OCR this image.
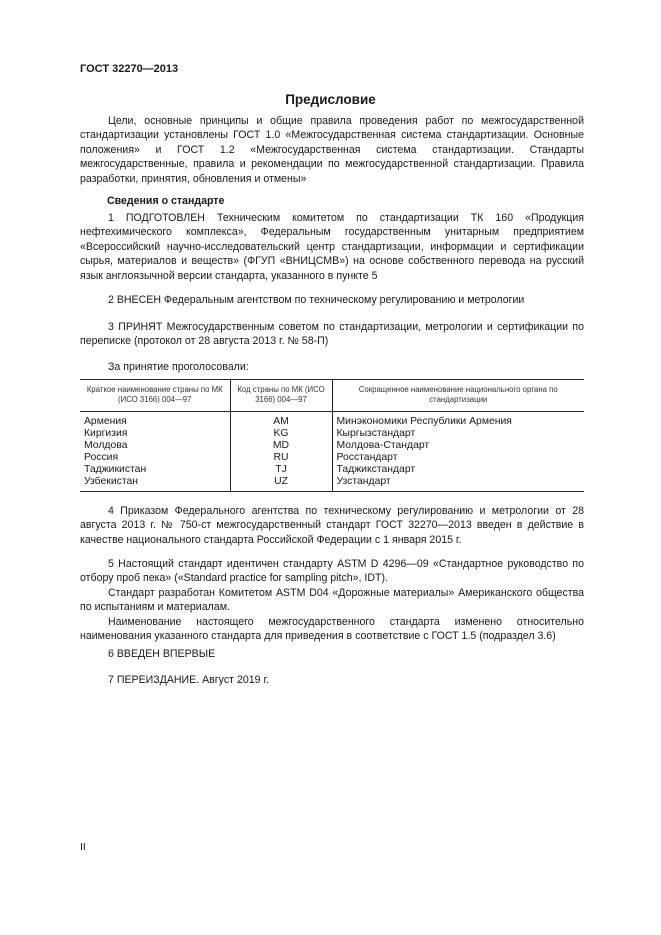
ГОСТ 32270—2013
Предисловие

Цели, основные принципы и общие правила проведения работ по межгосударственной стандартизации установлены ГОСТ 1.0 «Межгосударственная система стандартизации. Основные положения» и ГОСТ 1.2 «Межгосударственная система стандартизации. Стандарты межгосударственные, правила и рекомендации по межгосударственной стандартизации. Правила разработки, принятия, обновления и отмены»

Сведения о стандарте

1 ПОДГОТОВЛЕН Техническим комитетом по стандартизации ТК 160 «Продукция нефтехимического комплекса», Федеральным государственным унитарным предприятием «Всероссийский научно-исследовательский центр стандартизации, информации и сертификации сырья, материалов и веществ» (ФГУП «ВНИЦСМВ») на основе собственного перевода на русский язык англоязычной версии стандарта, указанного в пункте 5

2 ВНЕСЕН Федеральным агентством по техническому регулированию и метрологии

3 ПРИНЯТ Межгосударственным советом по стандартизации, метрологии и сертификации по переписке (протокол от 28 августа 2013 г. № 58-П)

За принятие проголосовали:

Краткое наименование страны по МК (ИСО 3166) 004—97	Код страны по МК (ИСО 3166) 004—97	Сокращенное наименование национального органа по стандартизации
Армения	AM	Минэкономики Республики Армения
Киргизия	KG	Кыргызстандарт
Молдова	MD	Молдова-Стандарт
Россия	RU	Росстандарт
Таджикистан	TJ	Таджикстандарт
Узбекистан	UZ	Узстандарт

4 Приказом Федерального агентства по техническому регулированию и метрологии от 28 августа 2013 г. № 750-ст межгосударственный стандарт ГОСТ 32270—2013 введен в действие в качестве национального стандарта Российской Федерации с 1 января 2015 г.

5 Настоящий стандарт идентичен стандарту ASTM D 4296—09 «Стандартное руководство по отбору проб пека» («Standard practice for sampling pitch», IDT).

Стандарт разработан Комитетом ASTM D04 «Дорожные материалы» Американского общества по испытаниям и материалам.

Наименование настоящего межгосударственного стандарта изменено относительно наименования указанного стандарта для приведения в соответствие с ГОСТ 1.5 (подраздел 3.6)

6 ВВЕДЕН ВПЕРВЫЕ

7 ПЕРЕИЗДАНИЕ. Август 2019 г.

II
